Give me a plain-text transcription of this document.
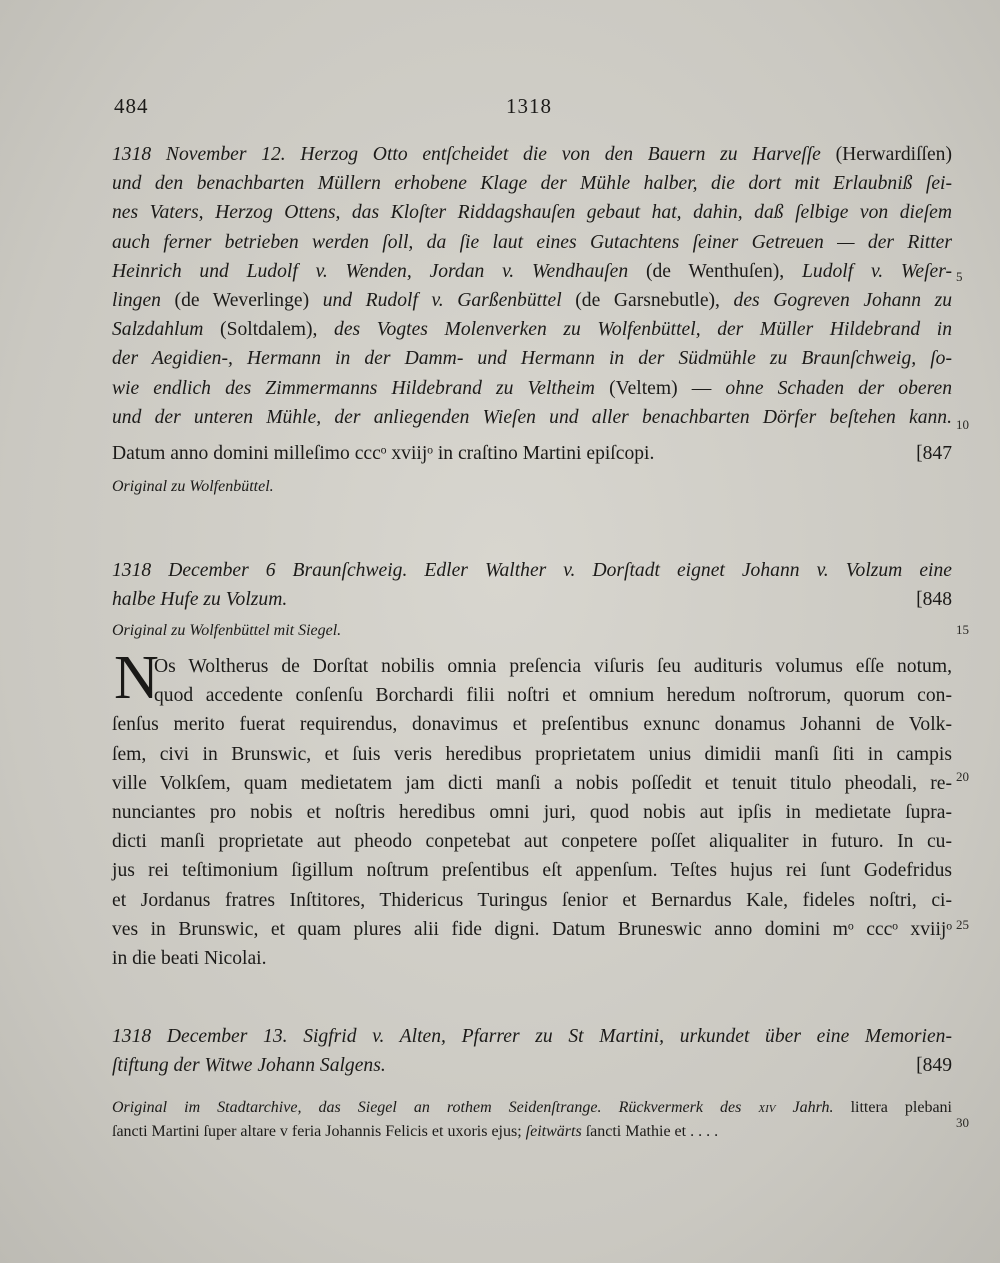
484	1318
1318 November 12. Herzog Otto entſcheidet die von den Bauern zu Harveſſe (Herwardiſſen)
und den benachbarten Müllern erhobene Klage der Mühle halber, die dort mit Erlaubniß ſei-
nes Vaters, Herzog Ottens, das Kloſter Riddagshauſen gebaut hat, dahin, daß ſelbige von dieſem
auch ferner betrieben werden ſoll, da ſie laut eines Gutachtens ſeiner Getreuen — der Ritter
Heinrich und Ludolf v. Wenden, Jordan v. Wendhauſen (de Wenthuſen), Ludolf v. Weſer-
lingen (de Weverlinge) und Rudolf v. Garßenbüttel (de Garsnebutle), des Gogreven Johann zu
Salzdahlum (Soltdalem), des Vogtes Molenverken zu Wolfenbüttel, der Müller Hildebrand in
der Aegidien-, Hermann in der Damm- und Hermann in der Südmühle zu Braunſchweig, ſo-
wie endlich des Zimmermanns Hildebrand zu Veltheim (Veltem) — ohne Schaden der oberen
und der unteren Mühle, der anliegenden Wieſen und aller benachbarten Dörfer beſtehen kann.
Datum anno domini milleſimo cccᵒ xviijᵒ in craſtino Martini epiſcopi.	[847
Original zu Wolfenbüttel.
1318 December 6 Braunſchweig. Edler Walther v. Dorſtadt eignet Johann v. Volzum eine
halbe Hufe zu Volzum.	[848
Original zu Wolfenbüttel mit Siegel.
N
Os Woltherus de Dorſtat nobilis omnia preſencia viſuris ſeu audituris volumus eſſe notum,
quod accedente conſenſu Borchardi filii noſtri et omnium heredum noſtrorum, quorum con-
ſenſus merito fuerat requirendus, donavimus et preſentibus exnunc donamus Johanni de Volk-
ſem, civi in Brunswic, et ſuis veris heredibus proprietatem unius dimidii manſi ſiti in campis
ville Volkſem, quam medietatem jam dicti manſi a nobis poſſedit et tenuit titulo pheodali, re-
nunciantes pro nobis et noſtris heredibus omni juri, quod nobis aut ipſis in medietate ſupra-
dicti manſi proprietate aut pheodo conpetebat aut conpetere poſſet aliqualiter in futuro. In cu-
jus rei teſtimonium ſigillum noſtrum preſentibus eſt appenſum. Teſtes hujus rei ſunt Godefridus
et Jordanus fratres Inſtitores, Thidericus Turingus ſenior et Bernardus Kale, fideles noſtri, ci-
ves in Brunswic, et quam plures alii fide digni. Datum Bruneswic anno domini mᵒ cccᵒ xviijᵒ
in die beati Nicolai.
1318 December 13. Sigfrid v. Alten, Pfarrer zu St Martini, urkundet über eine Memorien-
ſtiftung der Witwe Johann Salgens.	[849
Original im Stadtarchive, das Siegel an rothem Seidenſtrange. Rückvermerk des xiv Jahrh. littera plebani
ſancti Martini ſuper altare v feria Johannis Felicis et uxoris ejus; ſeitwärts ſancti Mathie et . . . .
5
10
15
20
25
30
